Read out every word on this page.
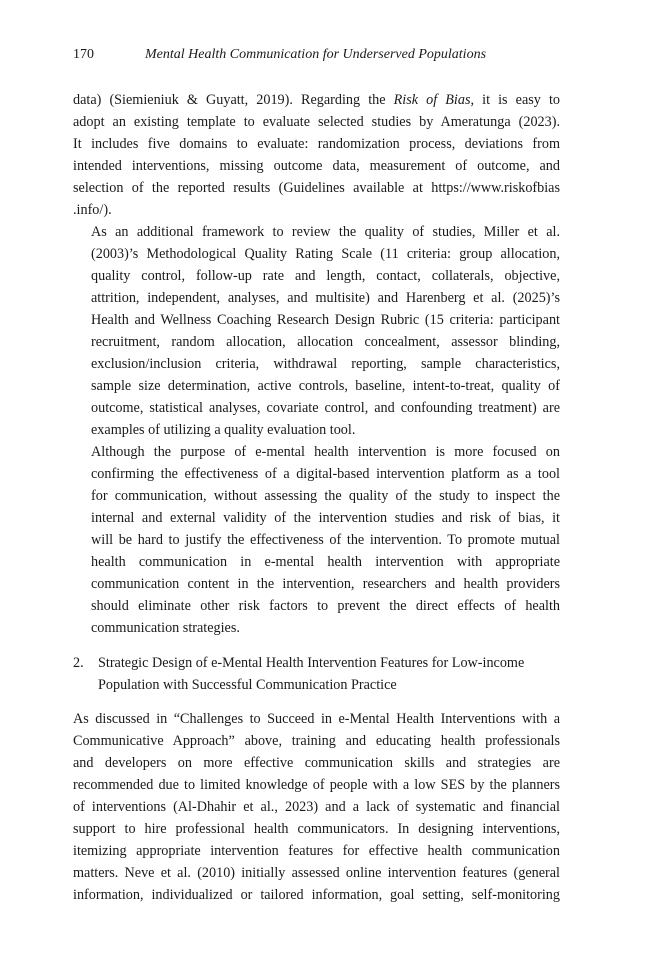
170	Mental Health Communication for Underserved Populations
data) (Siemieniuk & Guyatt, 2019). Regarding the Risk of Bias, it is easy to
adopt an existing template to evaluate selected studies by Ameratunga (2023).
It includes five domains to evaluate: randomization process, deviations from
intended interventions, missing outcome data, measurement of outcome, and
selection of the reported results (Guidelines available at https://www.riskofbias
.info/).
As an additional framework to review the quality of studies, Miller et al.
(2003)’s Methodological Quality Rating Scale (11 criteria: group allocation,
quality control, follow-up rate and length, contact, collaterals, objective,
attrition, independent, analyses, and multisite) and Harenberg et al. (2025)’s
Health and Wellness Coaching Research Design Rubric (15 criteria: participant
recruitment, random allocation, allocation concealment, assessor blinding,
exclusion/inclusion criteria, withdrawal reporting, sample characteristics,
sample size determination, active controls, baseline, intent-to-treat, quality of
outcome, statistical analyses, covariate control, and confounding treatment) are
examples of utilizing a quality evaluation tool.
Although the purpose of e-mental health intervention is more focused on
confirming the effectiveness of a digital-based intervention platform as a tool
for communication, without assessing the quality of the study to inspect the
internal and external validity of the intervention studies and risk of bias, it
will be hard to justify the effectiveness of the intervention. To promote mutual
health communication in e-mental health intervention with appropriate
communication content in the intervention, researchers and health providers
should eliminate other risk factors to prevent the direct effects of health
communication strategies.
2.	Strategic Design of e-Mental Health Intervention Features for Low-income
Population with Successful Communication Practice
As discussed in “Challenges to Succeed in e-Mental Health Interventions with a
Communicative Approach” above, training and educating health professionals
and developers on more effective communication skills and strategies are
recommended due to limited knowledge of people with a low SES by the planners
of interventions (Al-Dhahir et al., 2023) and a lack of systematic and financial
support to hire professional health communicators. In designing interventions,
itemizing appropriate intervention features for effective health communication
matters. Neve et al. (2010) initially assessed online intervention features (general
information, individualized or tailored information, goal setting, self-monitoring
